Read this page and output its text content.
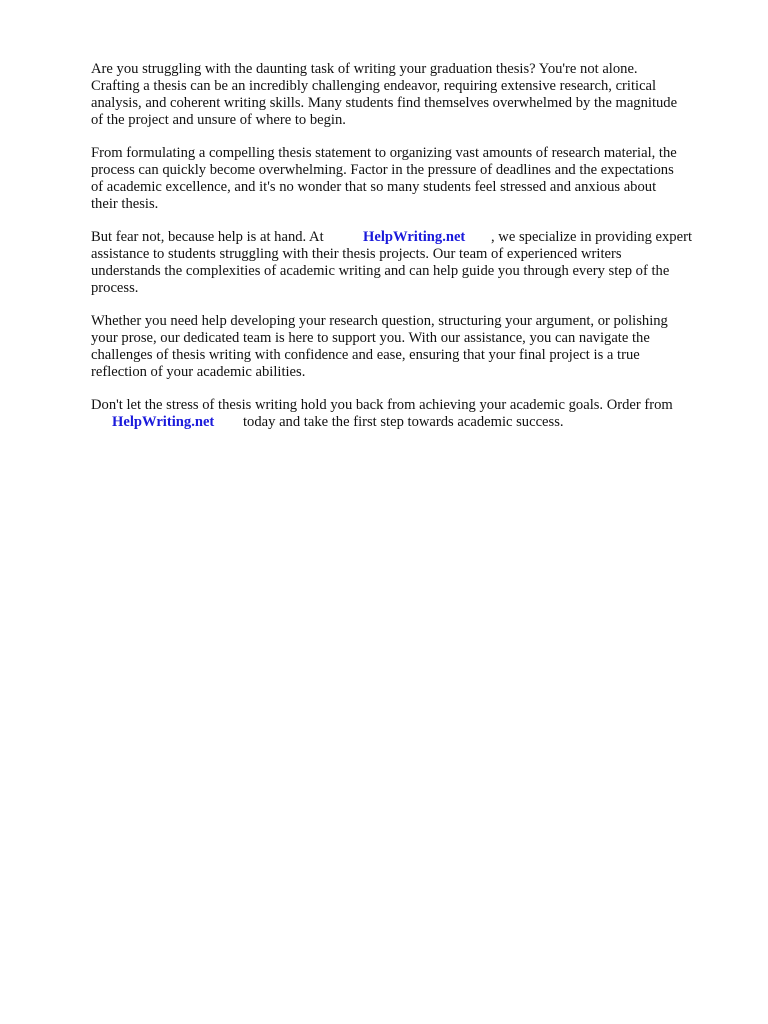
Are you struggling with the daunting task of writing your graduation thesis? You're not alone.
Crafting a thesis can be an incredibly challenging endeavor, requiring extensive research, critical
analysis, and coherent writing skills. Many students find themselves overwhelmed by the magnitude
of the project and unsure of where to begin.
From formulating a compelling thesis statement to organizing vast amounts of research material, the
process can quickly become overwhelming. Factor in the pressure of deadlines and the expectations
of academic excellence, and it's no wonder that so many students feel stressed and anxious about
their thesis.
But fear not, because help is at hand. At	HelpWriting.net , we specialize in providing expert
assistance to students struggling with their thesis projects. Our team of experienced writers
understands the complexities of academic writing and can help guide you through every step of the
process.
Whether you need help developing your research question, structuring your argument, or polishing
your prose, our dedicated team is here to support you. With our assistance, you can navigate the
challenges of thesis writing with confidence and ease, ensuring that your final project is a true
reflection of your academic abilities.
Don't let the stress of thesis writing hold you back from achieving your academic goals. Order from
HelpWriting.net today and take the first step towards academic success.
